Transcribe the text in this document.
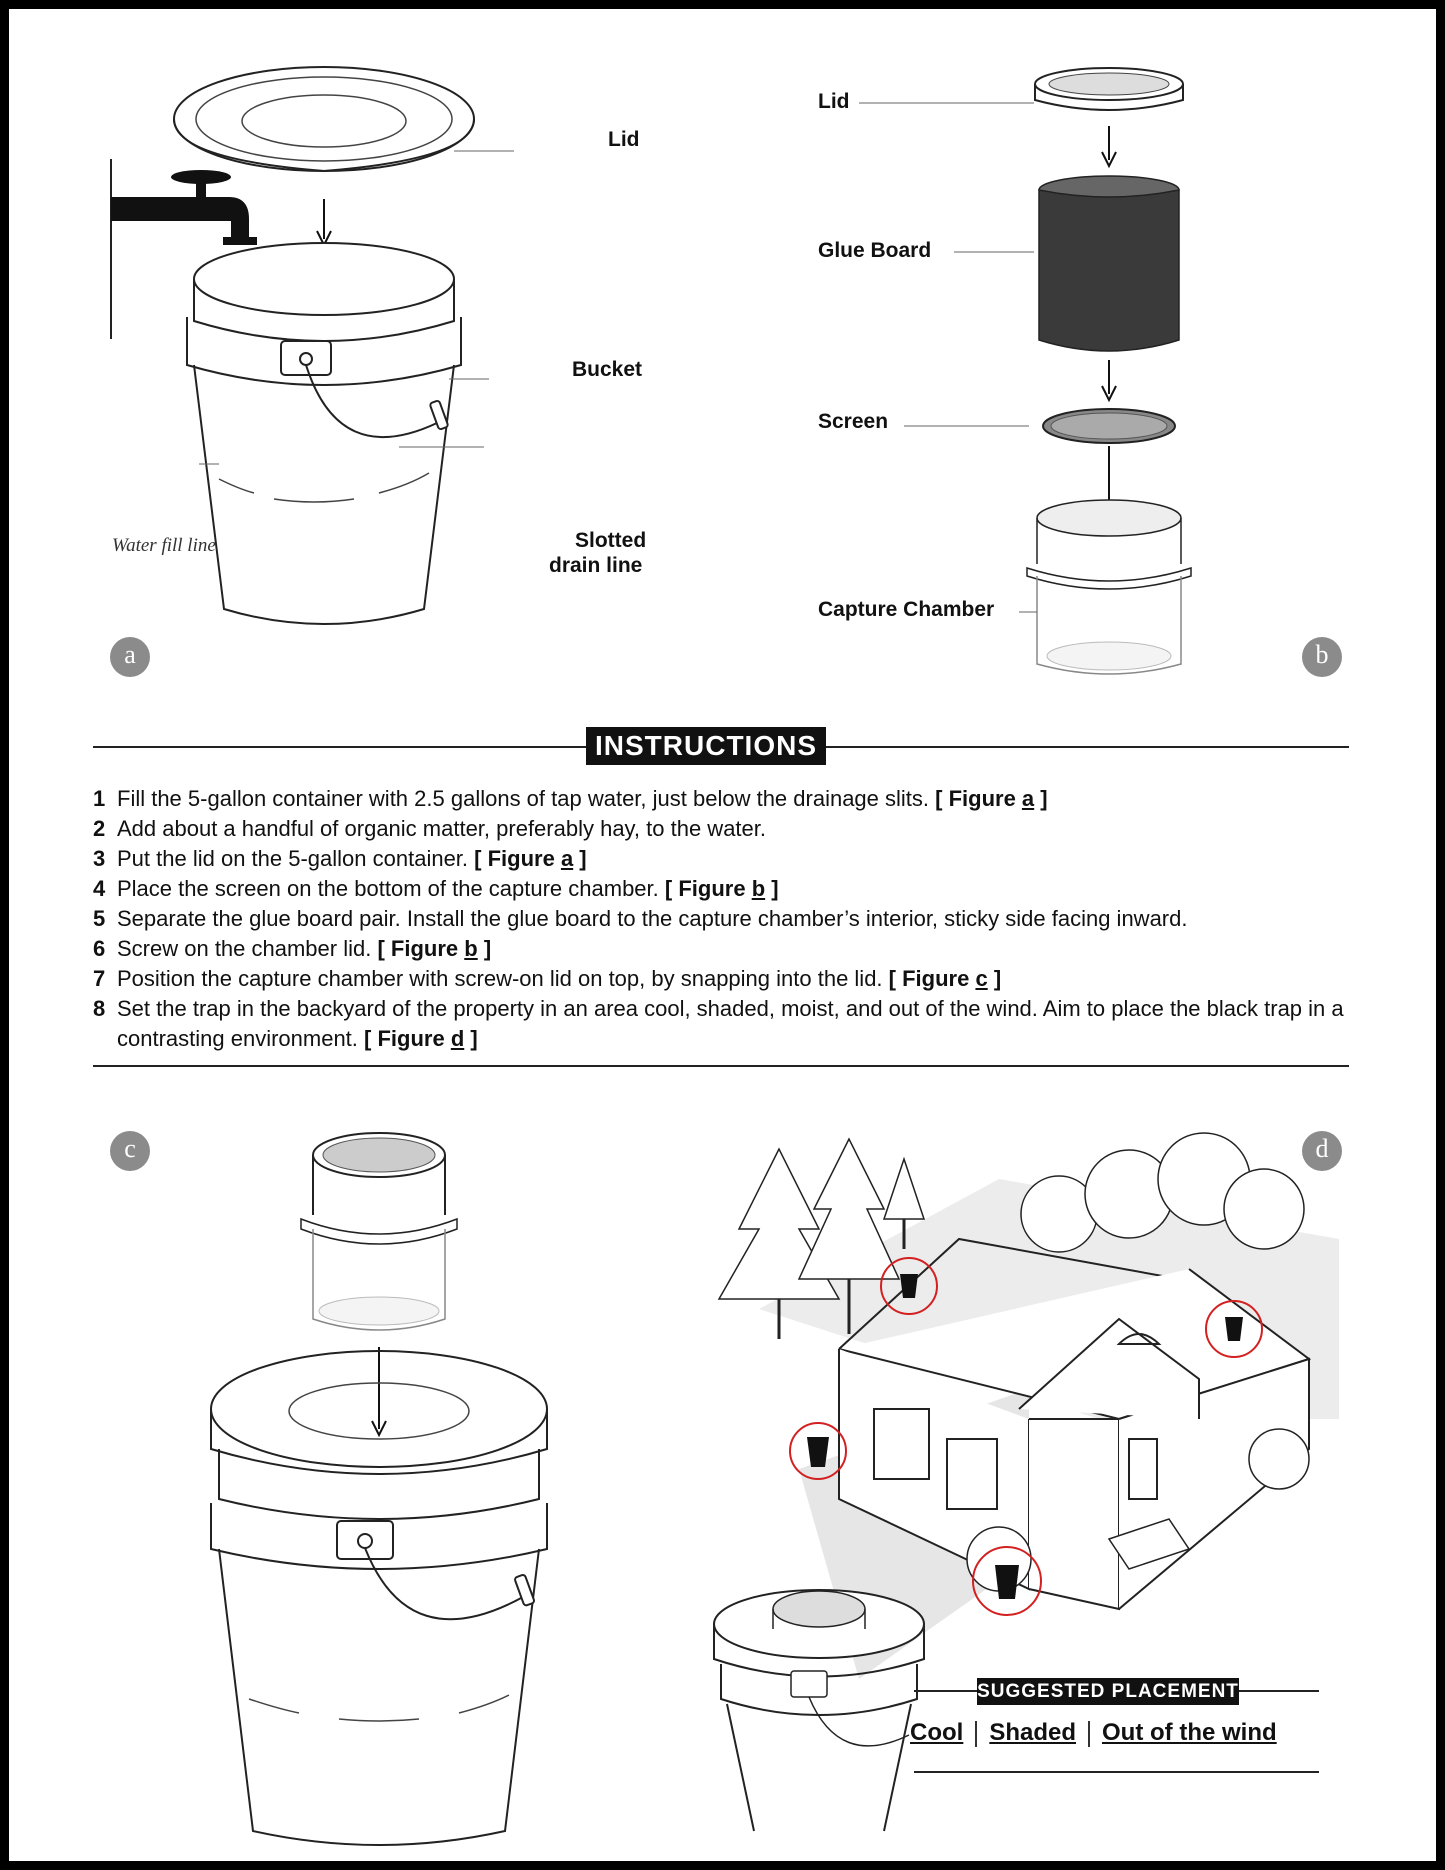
Lid
Bucket
Slotted
drain line
Water fill line
a
Lid
Glue Board
Screen
Capture Chamber
b
INSTRUCTIONS
1 Fill the 5-gallon container with 2.5 gallons of tap water, just below the drainage slits. [ Figure a ]
2 Add about a handful of organic matter, preferably hay, to the water.
3 Put the lid on the 5-gallon container. [ Figure a ]
4 Place the screen on the bottom of the capture chamber. [ Figure b ]
5 Separate the glue board pair. Install the glue board to the capture chamber’s interior, sticky side facing inward.
6 Screw on the chamber lid. [ Figure b ]
7 Position the capture chamber with screw-on lid on top, by snapping into the lid. [ Figure c ]
8 Set the trap in the backyard of the property in an area cool, shaded, moist, and out of the wind. Aim to place the black trap in a contrasting environment. [ Figure d ]
c	d
SUGGESTED PLACEMENT
Cool Shaded Out of the wind
